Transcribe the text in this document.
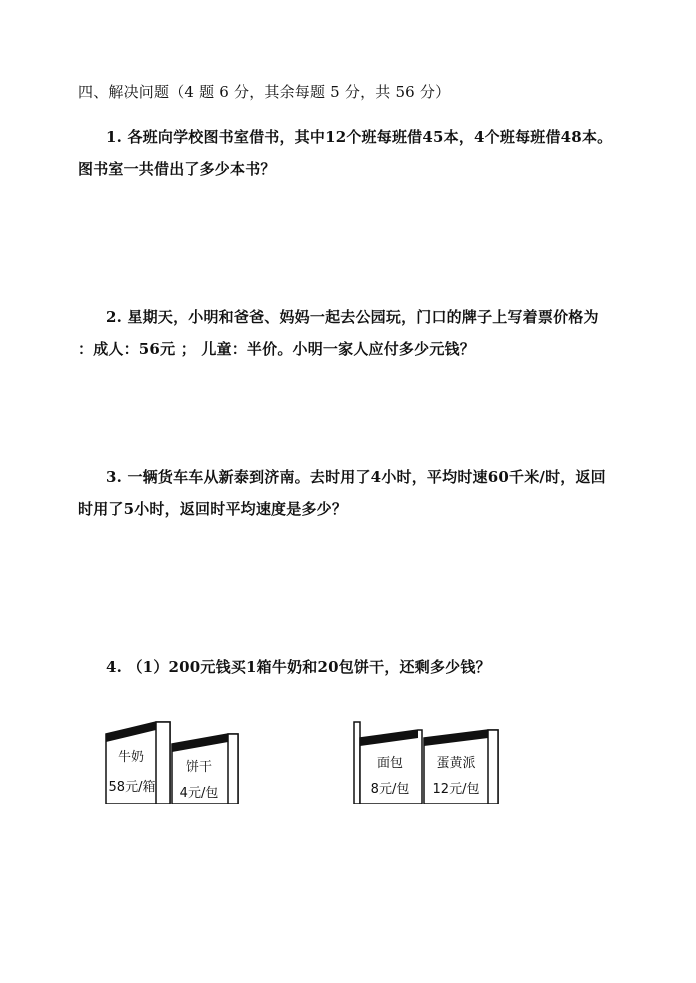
四、解决问题（4 题 6 分，其余每题 5 分，共 56 分）
1. 各班向学校图书室借书，其中12个班每班借45本，4个班每班借48本。
图书室一共借出了多少本书？
2. 星期天，小明和爸爸、妈妈一起去公园玩，门口的牌子上写着票价格为
：成人：56元 ； 儿童：半价。小明一家人应付多少元钱？
3. 一辆货车车从新泰到济南。去时用了4小时，平均时速60千米/时，返回
时用了5小时，返回时平均速度是多少？
4. （1）200元钱买1箱牛奶和20包饼干，还剩多少钱？
牛奶
58元/箱
饼干
4元/包
面包
8元/包
蛋黄派
12元/包
